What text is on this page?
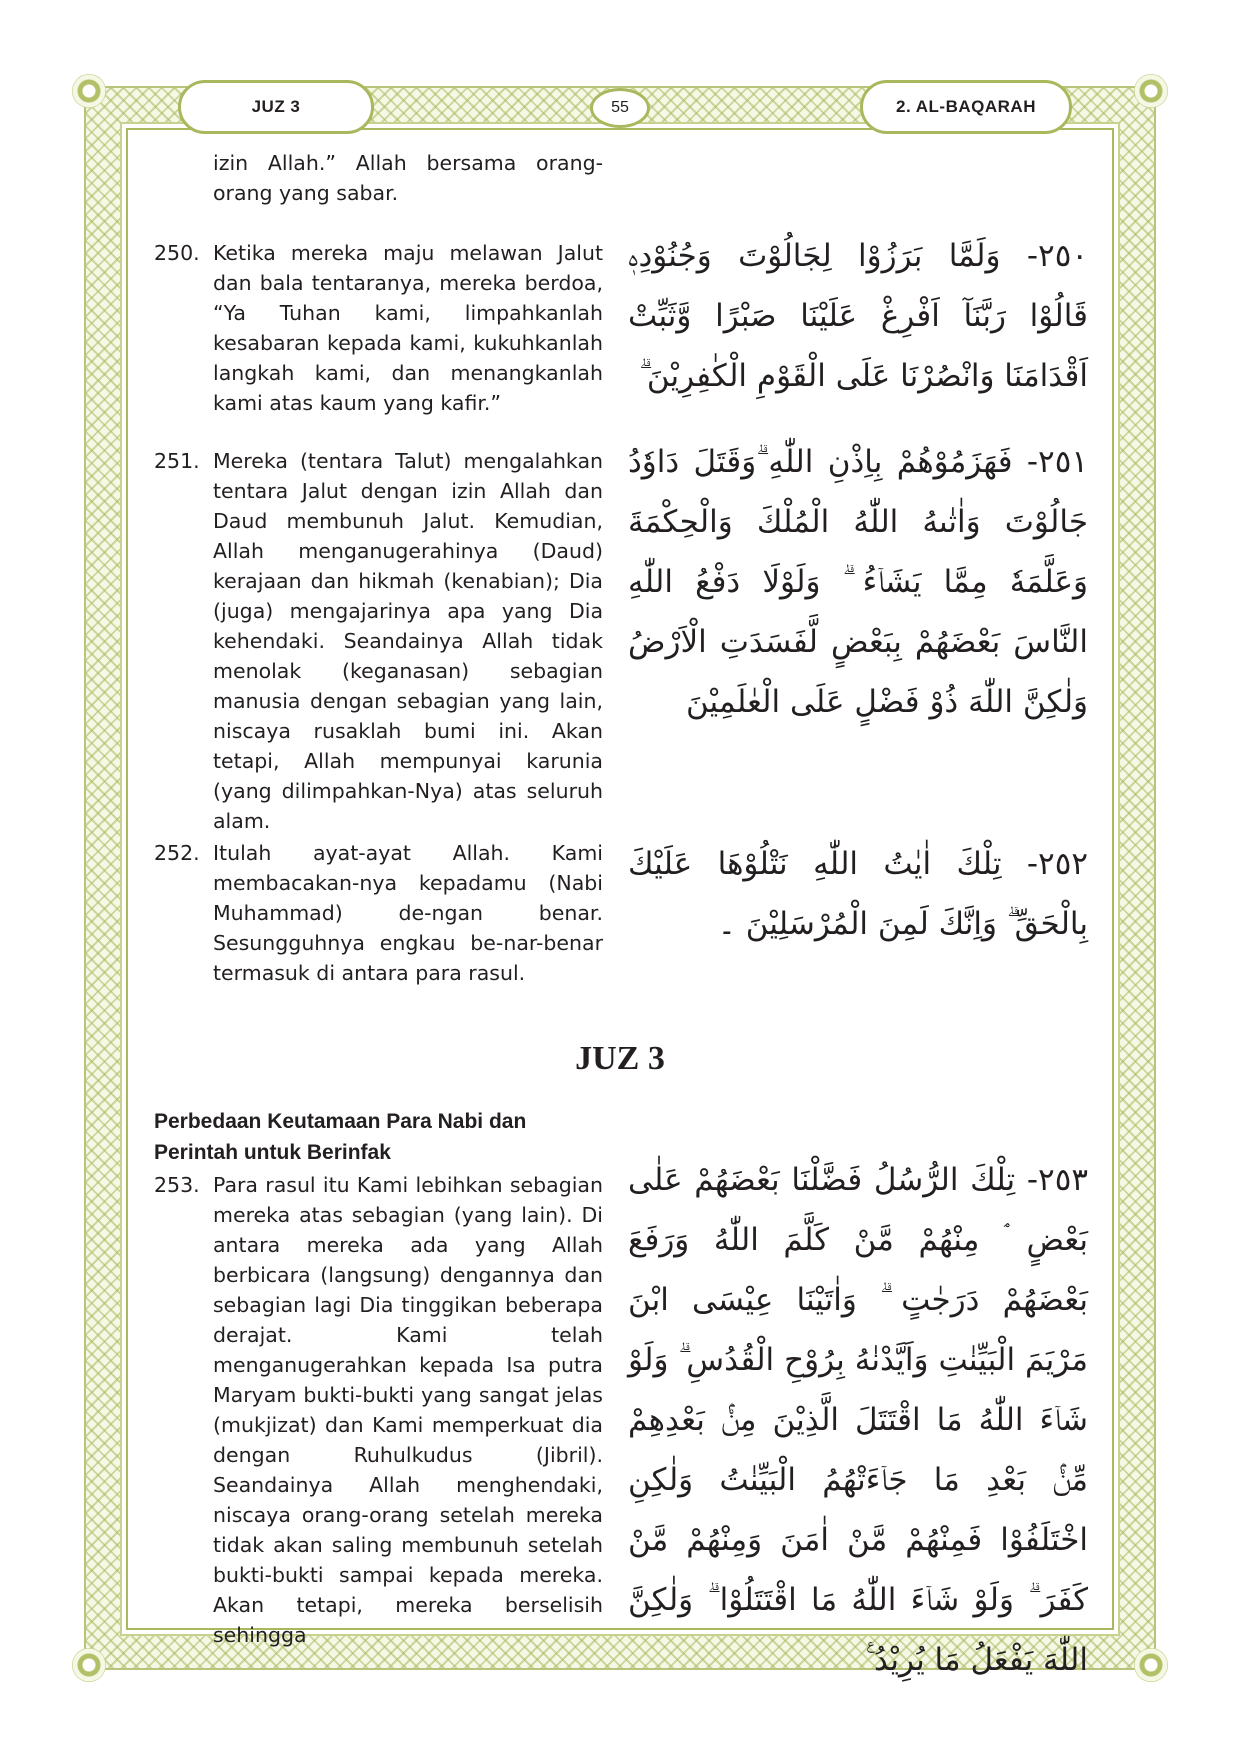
JUZ 3	55	2. AL-BAQARAH
izin Allah.” Allah bersama orang-orang yang sabar.
250. Ketika mereka maju melawan Jalut dan bala tentaranya, mereka berdoa, “Ya Tuhan kami, limpahkanlah kesabaran kepada kami, kukuhkanlah langkah kami, dan menangkanlah kami atas kaum yang kafir.”
٢٥٠- وَلَمَّا بَرَزُوْا لِجَالُوْتَ وَجُنُوْدِهٖ قَالُوْا رَبَّنَآ اَفْرِغْ عَلَيْنَا صَبْرًا وَّثَبِّتْ اَقْدَامَنَا وَانْصُرْنَا عَلَى الْقَوْمِ الْكٰفِرِيْنَ ۗ
251. Mereka (tentara Talut) mengalahkan tentara Jalut dengan izin Allah dan Daud membunuh Jalut. Kemudian, Allah menganugerahinya (Daud) kerajaan dan hikmah (kenabian); Dia (juga) mengajarinya apa yang Dia kehendaki. Seandainya Allah tidak menolak (keganasan) sebagian manusia dengan sebagian yang lain, niscaya rusaklah bumi ini. Akan tetapi, Allah mempunyai karunia (yang dilimpahkan-Nya) atas seluruh alam.
٢٥١- فَهَزَمُوْهُمْ بِاِذْنِ اللّٰهِ ۗوَقَتَلَ دَاوٗدُ جَالُوْتَ وَاٰتٰىهُ اللّٰهُ الْمُلْكَ وَالْحِكْمَةَ وَعَلَّمَهٗ مِمَّا يَشَاۤءُ ۗ وَلَوْلَا دَفْعُ اللّٰهِ النَّاسَ بَعْضَهُمْ بِبَعْضٍ لَّفَسَدَتِ الْاَرْضُ وَلٰكِنَّ اللّٰهَ ذُوْ فَضْلٍ عَلَى الْعٰلَمِيْنَ
252. Itulah ayat-ayat Allah. Kami membacakan-nya kepadamu (Nabi Muhammad) de-ngan benar. Sesungguhnya engkau be-nar-benar termasuk di antara para rasul.
٢٥٢- تِلْكَ اٰيٰتُ اللّٰهِ نَتْلُوْهَا عَلَيْكَ بِالْحَقِّ ۗ وَاِنَّكَ لَمِنَ الْمُرْسَلِيْنَ ۔
JUZ 3
Perbedaan Keutamaan Para Nabi dan Perintah untuk Berinfak
253. Para rasul itu Kami lebihkan sebagian mereka atas sebagian (yang lain). Di antara mereka ada yang Allah berbicara (langsung) dengannya dan sebagian lagi Dia tinggikan beberapa derajat. Kami telah menganugerahkan kepada Isa putra Maryam bukti-bukti yang sangat jelas (mukjizat) dan Kami memperkuat dia dengan Ruhulkudus (Jibril). Seandainya Allah menghendaki, niscaya orang-orang setelah mereka tidak akan saling membunuh setelah bukti-bukti sampai kepada mereka. Akan tetapi, mereka berselisih sehingga
٢٥٣- تِلْكَ الرُّسُلُ فَضَّلْنَا بَعْضَهُمْ عَلٰى بَعْضٍ ۘ مِنْهُمْ مَّنْ كَلَّمَ اللّٰهُ وَرَفَعَ بَعْضَهُمْ دَرَجٰتٍ ۗ وَاٰتَيْنَا عِيْسَى ابْنَ مَرْيَمَ الْبَيِّنٰتِ وَاَيَّدْنٰهُ بِرُوْحِ الْقُدُسِ ۗ وَلَوْ شَاۤءَ اللّٰهُ مَا اقْتَتَلَ الَّذِيْنَ مِنْۢ بَعْدِهِمْ مِّنْۢ بَعْدِ مَا جَاۤءَتْهُمُ الْبَيِّنٰتُ وَلٰكِنِ اخْتَلَفُوْا فَمِنْهُمْ مَّنْ اٰمَنَ وَمِنْهُمْ مَّنْ كَفَرَ ۗ وَلَوْ شَاۤءَ اللّٰهُ مَا اقْتَتَلُوْا ۗ وَلٰكِنَّ اللّٰهَ يَفْعَلُ مَا يُرِيْدُ ࣖ
